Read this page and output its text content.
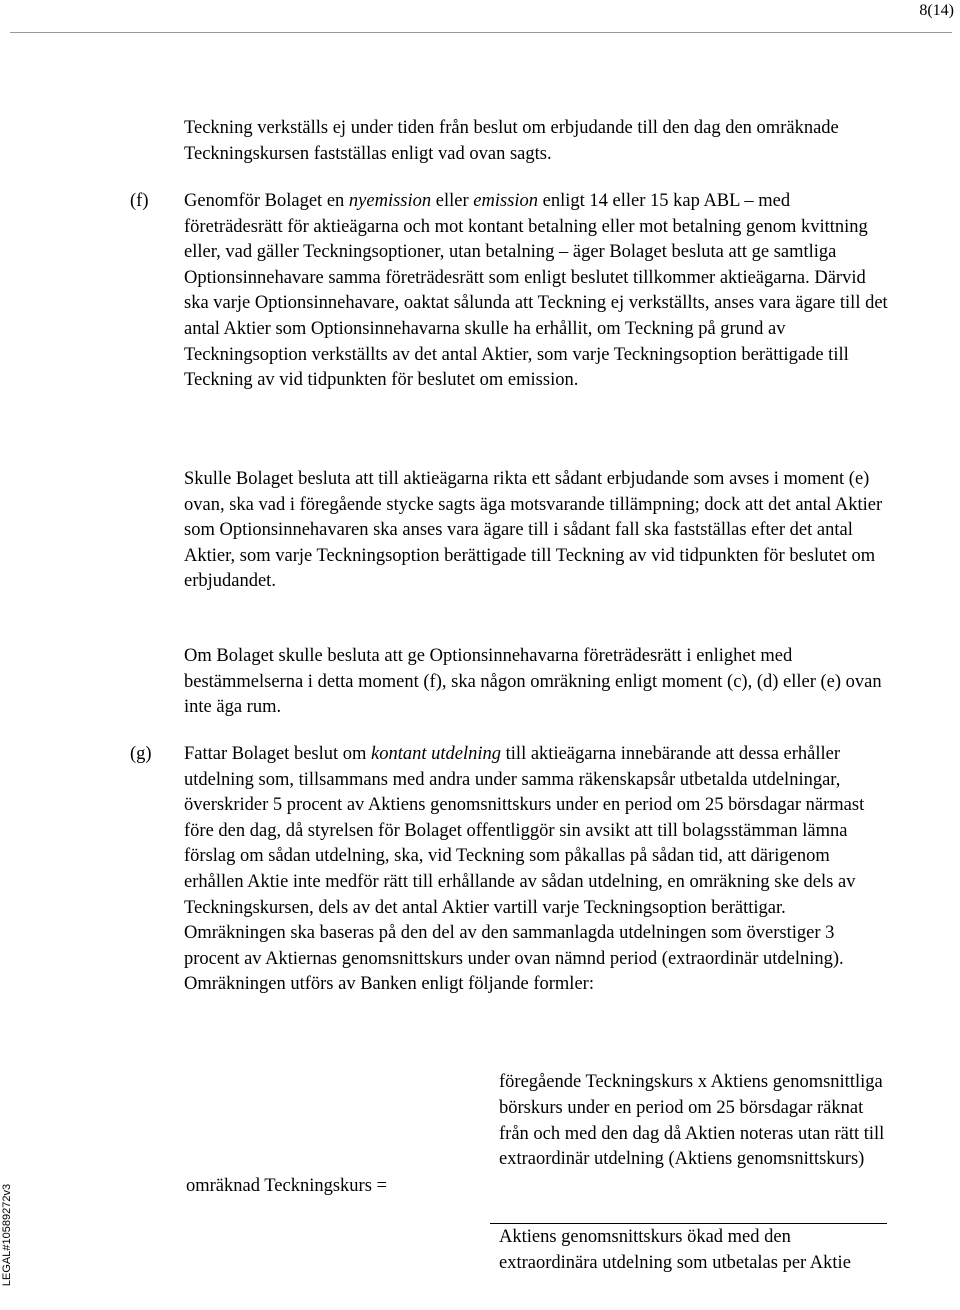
8(14)

Teckning verkställs ej under tiden från beslut om erbjudande till den dag den omräknade Teckningskursen fastställas enligt vad ovan sagts.

(f) Genomför Bolaget en nyemission eller emission enligt 14 eller 15 kap ABL – med företrädesrätt för aktieägarna och mot kontant betalning eller mot betalning genom kvittning eller, vad gäller Teckningsoptioner, utan betalning – äger Bolaget besluta att ge samtliga Optionsinnehavare samma företrädesrätt som enligt beslutet tillkommer aktieägarna. Därvid ska varje Optionsinnehavare, oaktat sålunda att Teckning ej verkställts, anses vara ägare till det antal Aktier som Optionsinnehavarna skulle ha erhållit, om Teckning på grund av Teckningsoption verkställts av det antal Aktier, som varje Teckningsoption berättigade till Teckning av vid tidpunkten för beslutet om emission.

Skulle Bolaget besluta att till aktieägarna rikta ett sådant erbjudande som avses i moment (e) ovan, ska vad i föregående stycke sagts äga motsvarande tillämpning; dock att det antal Aktier som Optionsinnehavaren ska anses vara ägare till i sådant fall ska fastställas efter det antal Aktier, som varje Teckningsoption berättigade till Teckning av vid tidpunkten för beslutet om erbjudandet.

Om Bolaget skulle besluta att ge Optionsinnehavarna företrädesrätt i enlighet med bestämmelserna i detta moment (f), ska någon omräkning enligt moment (c), (d) eller (e) ovan inte äga rum.

(g) Fattar Bolaget beslut om kontant utdelning till aktieägarna innebärande att dessa erhåller utdelning som, tillsammans med andra under samma räkenskapsår utbetalda utdelningar, överskrider 5 procent av Aktiens genomsnittskurs under en period om 25 börsdagar närmast före den dag, då styrelsen för Bolaget offentliggör sin avsikt att till bolagsstämman lämna förslag om sådan utdelning, ska, vid Teckning som påkallas på sådan tid, att därigenom erhållen Aktie inte medför rätt till erhållande av sådan utdelning, en omräkning ske dels av Teckningskursen, dels av det antal Aktier vartill varje Teckningsoption berättigar. Omräkningen ska baseras på den del av den sammanlagda utdelningen som överstiger 3 procent av Aktiernas genomsnittskurs under ovan nämnd period (extraordinär utdelning). Omräkningen utförs av Banken enligt följande formler:

omräknad Teckningskurs =
föregående Teckningskurs x Aktiens genomsnittliga börskurs under en period om 25 börsdagar räknat från och med den dag då Aktien noteras utan rätt till extraordinär utdelning (Aktiens genomsnittskurs)
Aktiens genomsnittskurs ökad med den extraordinära utdelning som utbetalas per Aktie
LEGAL#10589272v3
